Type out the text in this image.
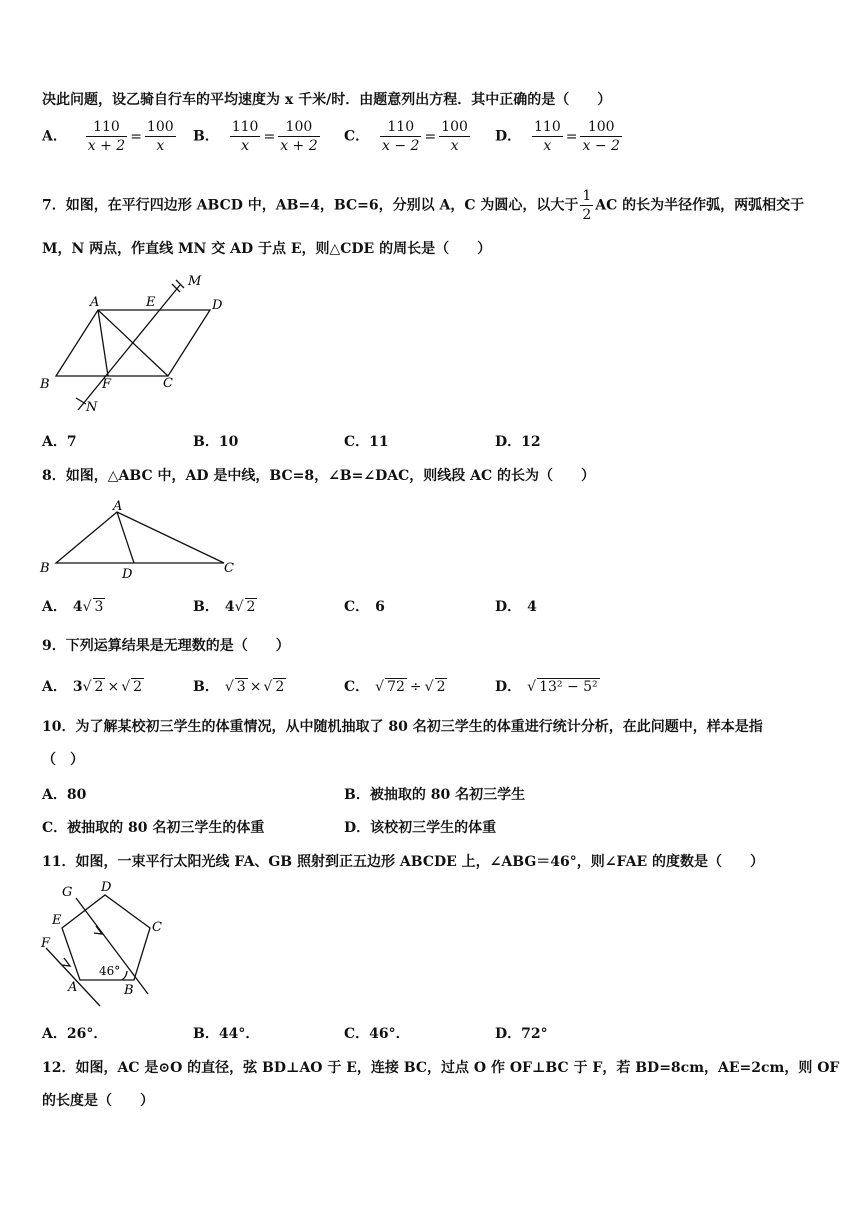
决此问题，设乙骑自行车的平均速度为 x 千米/时．由题意列出方程．其中正确的是（　　）
A． $\frac{110}{x + 2} = \frac{100}{x}$ B． $\frac{110}{x} = \frac{100}{x + 2}$ C． $\frac{110}{x - 2} = \frac{100}{x}$ D． $\frac{110}{x} = \frac{100}{x - 2}$
7．如图，在平行四边形 ABCD 中，AB=4，BC=6，分别以 A，C 为圆心，以大于 $\frac{1}{2}$ AC 的长为半径作弧，两弧相交于
M，N 两点，作直线 MN 交 AD 于点 E，则△CDE 的周长是（　　）
A	E	D
M
B	F	C
N
A．7	B．10	C．11	D．12
8．如图，△ABC 中，AD 是中线，BC=8，∠B=∠DAC，则线段 AC 的长为（　　）
A
B	D	C
A． 4√ 3	B． 4√ 2	C． 6	D． 4
9．下列运算结果是无理数的是（　　）
A． 3√ 2 × √ 2	B． √ 3 × √ 2	C． √ 72 ÷ √ 2	D． √ 13² − 5²
10．为了解某校初三学生的体重情况，从中随机抽取了 80 名初三学生的体重进行统计分析，在此问题中，样本是指
（　）
A．80	B．被抽取的 80 名初三学生
C．被抽取的 80 名初三学生的体重	D．该校初三学生的体重
11．如图，一束平行太阳光线 FA、GB 照射到正五边形 ABCDE 上，∠ABG＝46°，则∠FAE 的度数是（　　）
G D
C
E
F
A	B
46°
A．26°．	B．44°．	C．46°．	D．72°
12．如图，AC 是⊙O 的直径，弦 BD⊥AO 于 E，连接 BC，过点 O 作 OF⊥BC 于 F，若 BD=8cm，AE=2cm，则 OF
的长度是（　　）
